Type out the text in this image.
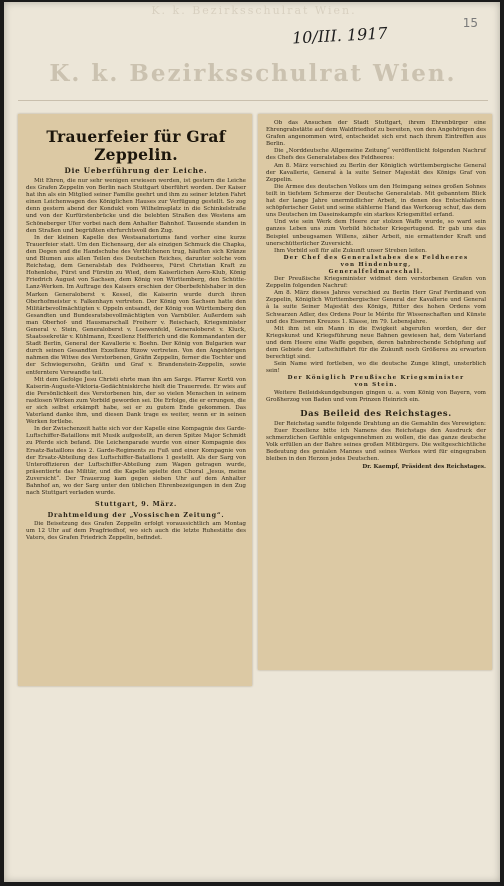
K. k. Bezirksschulrat Wien.
15
10/III. 1917
K. k. Bezirksschulrat Wien.
Trauerfeier für Graf Zeppelin.
Die Ueberführung der Leiche.

Mit Ehren, die nur sehr wenigen erwiesen werden, ist gestern die Leiche des Grafen Zeppelin von Berlin nach Stuttgart überführt worden. Der Kaiser hat ihn als ein Mitglied seiner Familie geehrt und ihm zu seiner letzten Fahrt einen Leichenwagen des Königlichen Hauses zur Verfügung gestellt. So zog denn gestern abend der Kondukt vom Wilhelmsplatz in die Schinkelstraße und von der Kurfürstenbrücke und die belebten Straßen des Westens am Schöneberger Ufer vorbei nach dem Anhalter Bahnhof. Tausende standen in den Straßen und begrüßten ehrfurchtsvoll den Zug.

In der kleinen Kapelle des Westsanatoriums fand vorher eine kurze Trauerfeier statt. Um den Eichensarg, der als einzigen Schmuck die Chapka, den Degen und die Handschuhe des Verblichenen trug, häuften sich Kränze und Blumen aus allen Teilen des Deutschen Reiches, darunter solche vom Reichstag, dem Generalstab des Feldheeres, Fürst Christian Kraft zu Hohenlohe, Fürst und Fürstin zu Wied, dem Kaiserlichen Aero-Klub, König Friedrich August von Sachsen, dem König von Württemberg, den Schütte-Lanz-Werken. Im Auftrage des Kaisers erschien der Oberbefehlshaber in den Marken Generaloberst v. Kessel, die Kaiserin wurde durch ihren Oberhofmeister v. Falkenhayn vertreten. Der König von Sachsen hatte den Militärbevollmächtigten v. Oppeln entsandt, der König von Württemberg den Gesandten und Bundesratsbevollmächtigten von Varnbüler. Außerdem sah man Oberhof- und Hausmarschall Freiherr v. Reischach, Kriegsminister General v. Stein, Generaloberst v. Loewenfeld, Generaloberst v. Kluck, Staatssekretär v. Kühlmann, Exzellenz Helfferich und die Kommandanten der Stadt Berlin, General der Kavallerie v. Boehn. Der König von Bulgarien war durch seinen Gesandten Exzellenz Rizow vertreten. Von den Angehörigen nahmen die Witwe des Verstorbenen, Gräfin Zeppelin, ferner die Tochter und der Schwiegersohn, Gräfin und Graf v. Brandenstein-Zeppelin, sowie entferntere Verwandte teil.

Mit dem Gefolge Jesu Christi ehrte man ihn am Sarge. Pfarrer Kortü von Kaiserin-Auguste-Viktoria-Gedächtniskirche hielt die Trauerrede. Er wies auf die Persönlichkeit des Verstorbenen hin, der so vielen Menschen in seinem rastlosen Wirken zum Vorbild geworden sei. Die Erfolge, die er errungen, die er sich selbst erkämpft habe, sei er zu gutem Ende gekommen. Das Vaterland danke ihm, und diesen Dank trage es weiter, wenn er in seinen Werken fortlebe.

In der Zwischenzeit hatte sich vor der Kapelle eine Kompagnie des Garde-Luftschiffer-Bataillons mit Musik aufgestellt, an deren Spitze Major Schmidt zu Pferde sich befand. Die Leichenparade wurde von einer Kompagnie des Ersatz-Bataillons des 2. Garde-Regiments zu Fuß und einer Kompagnie von der Ersatz-Abteilung des Luftschiffer-Bataillons 1 gestellt. Als der Sarg von Unteroffizieren der Luftschiffer-Abteilung zum Wagen getragen wurde, präsentierte das Militär, und die Kapelle spielte den Choral „Jesus, meine Zuversicht“. Der Trauerzug kam gegen sieben Uhr auf dem Anhalter Bahnhof an, wo der Sarg unter den üblichen Ehrenbezeigungen in den Zug nach Stuttgart verladen wurde.

Stuttgart, 9. März.
Drahtmeldung der „Vossischen Zeitung“.

Die Beisetzung des Grafen Zeppelin erfolgt voraussichtlich am Montag um 12 Uhr auf dem Pragfriedhof, wo sich auch die letzte Ruhestätte des Vaters, des Grafen Friedrich Zeppelin, befindet.

Ob das Ansuchen der Stadt Stuttgart, ihrem Ehrenbürger eine Ehrengrabstätte auf dem Waldfriedhof zu bereiten, von den Angehörigen des Grafen angenommen wird, entscheidet sich erst nach ihrem Eintreffen aus Berlin.

Die „Norddeutsche Allgemeine Zeitung“ veröffentlicht folgenden Nachruf des Chefs des Generalstabes des Feldheeres:

Am 8. März verschied zu Berlin der Königlich württembergische General der Kavallerie, General à la suite Seiner Majestät des Königs Graf von Zeppelin.

Die Armee des deutschen Volkes um den Heimgang seines großen Sohnes teilt in tiefstem Schmerze der Deutsche Generalstab. Mit gebanntem Blick hat der lange Jahre unermüdlicher Arbeit, in denen des Entschlafenen schöpferischer Geist und seine stählerne Hand das Werkzeug schuf, das dem uns Deutschen im Daseinskampfe ein starkes Kriegsmittel erfand.

Und wie sein Werk dem Heere zur stolzen Waffe wurde, so ward sein ganzes Leben uns zum Vorbild höchster Kriegertugend. Er gab uns das Beispiel unbeugsamen Willens, zäher Arbeit, nie ermattender Kraft und unerschütterlicher Zuversicht.

Ihm Vorbild soll für alle Zukunft unser Streben leiten.

Der Chef des Generalstabes des Feldheeres

von Hindenburg,

Generalfeldmarschall.

Der Preußische Kriegsminister widmet dem verstorbenen Grafen von Zeppelin folgenden Nachruf:

Am 8. März dieses Jahres verschied zu Berlin Herr Graf Ferdinand von Zeppelin, Königlich Württembergischer General der Kavallerie und General à la suite Seiner Majestät des Königs, Ritter des hohen Ordens vom Schwarzen Adler, des Ordens Pour le Mérite für Wissenschaften und Künste und des Eisernen Kreuzes 1. Klasse, im 79. Lebensjahre.

Mit ihm ist ein Mann in die Ewigkeit abgerufen worden, der der Kriegskunst und Kriegsführung neue Bahnen gewiesen hat, dem Vaterland und dem Heere eine Waffe gegeben, deren bahnbrechende Schöpfung auf dem Gebiete der Luftschiffahrt für die Zukunft noch Größeres zu erwarten berechtigt sind.

Sein Name wird fortleben, wo die deutsche Zunge klingt, unsterblich sein!

Der Königlich Preußische Kriegsminister

von Stein.

Weitere Beileidskundgebungen gingen u. a. vom König von Bayern, vom Großherzog von Baden und vom Prinzen Heinrich ein.

Das Beileid des Reichstages.

Der Reichstag sandte folgende Drahtung an die Gemahlin des Verewigten:

Euer Exzellenz bitte ich Namens des Reichstags den Ausdruck der schmerzlichen Gefühle entgegennehmen zu wollen, die das ganze deutsche Volk erfüllen an der Bahre seines großen Mitbürgers. Die weltgeschichtliche Bedeutung des genialen Mannes und seines Werkes wird für eingegraben bleiben in den Herzen jedes Deutschen.

Dr. Kaempf, Präsident des Reichstages.
